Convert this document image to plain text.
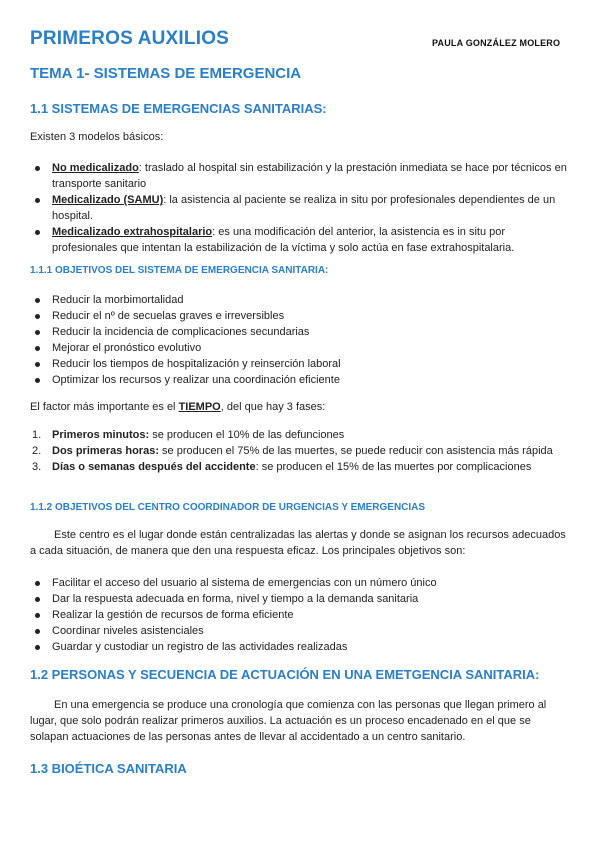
PRIMEROS AUXILIOS	PAULA GONZÁLEZ MOLERO
TEMA 1- SISTEMAS DE EMERGENCIA
1.1 SISTEMAS DE EMERGENCIAS SANITARIAS:

Existen 3 modelos básicos:

No medicalizado: traslado al hospital sin estabilización y la prestación inmediata se hace por técnicos en transporte sanitario
Medicalizado (SAMU): la asistencia al paciente se realiza in situ por profesionales dependientes de un hospital.
Medicalizado extrahospitalario: es una modificación del anterior, la asistencia es in situ por profesionales que intentan la estabilización de la víctima y solo actúa en fase extrahospitalaria.
1.1.1 OBJETIVOS DEL SISTEMA DE EMERGENCIA SANITARIA:
Reducir la morbimortalidad
Reducir el nº de secuelas graves e irreversibles
Reducir la incidencia de complicaciones secundarias
Mejorar el pronóstico evolutivo
Reducir los tiempos de hospitalización y reinserción laboral
Optimizar los recursos y realizar una coordinación eficiente

El factor más importante es el TIEMPO, del que hay 3 fases:

1. Primeros minutos: se producen el 10% de las defunciones
2. Dos primeras horas: se producen el 75% de las muertes, se puede reducir con asistencia más rápida
3. Días o semanas después del accidente: se producen el 15% de las muertes por complicaciones
1.1.2 OBJETIVOS DEL CENTRO COORDINADOR DE URGENCIAS Y EMERGENCIAS

Este centro es el lugar donde están centralizadas las alertas y donde se asignan los recursos adecuados a cada situación, de manera que den una respuesta eficaz. Los principales objetivos son:

Facilitar el acceso del usuario al sistema de emergencias con un número único
Dar la respuesta adecuada en forma, nivel y tiempo a la demanda sanitaria
Realizar la gestión de recursos de forma eficiente
Coordinar niveles asistenciales
Guardar y custodiar un registro de las actividades realizadas
1.2 PERSONAS Y SECUENCIA DE ACTUACIÓN EN UNA EMETGENCIA SANITARIA:

En una emergencia se produce una cronología que comienza con las personas que llegan primero al lugar, que solo podrán realizar primeros auxilios. La actuación es un proceso encadenado en el que se solapan actuaciones de las personas antes de llevar al accidentado a un centro sanitario.

1.3 BIOÉTICA SANITARIA
